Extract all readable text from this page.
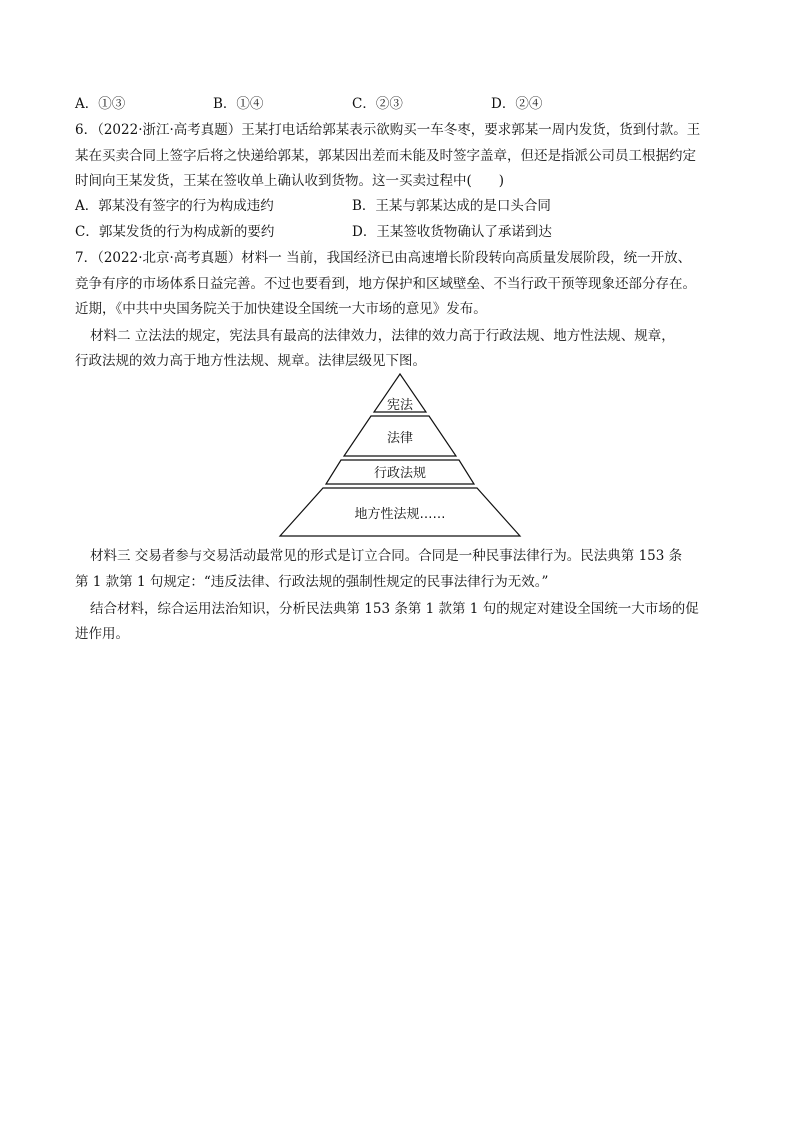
A．①③	B．①④	C．②③	D．②④
6．（2022·浙江·高考真题）王某打电话给郭某表示欲购买一车冬枣，要求郭某一周内发货，货到付款。王
某在买卖合同上签字后将之快递给郭某，郭某因出差而未能及时签字盖章，但还是指派公司员工根据约定
时间向王某发货，王某在签收单上确认收到货物。这一买卖过程中(　　)
A．郭某没有签字的行为构成违约	B．王某与郭某达成的是口头合同
C．郭某发货的行为构成新的要约	D．王某签收货物确认了承诺到达
7．（2022·北京·高考真题）材料一 当前，我国经济已由高速增长阶段转向高质量发展阶段，统一开放、
竞争有序的市场体系日益完善。不过也要看到，地方保护和区域壁垒、不当行政干预等现象还部分存在。
近期，《中共中央国务院关于加快建设全国统一大市场的意见》发布。
材料二 立法法的规定，宪法具有最高的法律效力，法律的效力高于行政法规、地方性法规、规章，
行政法规的效力高于地方性法规、规章。法律层级见下图。
宪法
法律
行政法规
地方性法规……
材料三 交易者参与交易活动最常见的形式是订立合同。合同是一种民事法律行为。民法典第 153 条
第 1 款第 1 句规定：“违反法律、行政法规的强制性规定的民事法律行为无效。”
结合材料，综合运用法治知识，分析民法典第 153 条第 1 款第 1 句的规定对建设全国统一大市场的促
进作用。
